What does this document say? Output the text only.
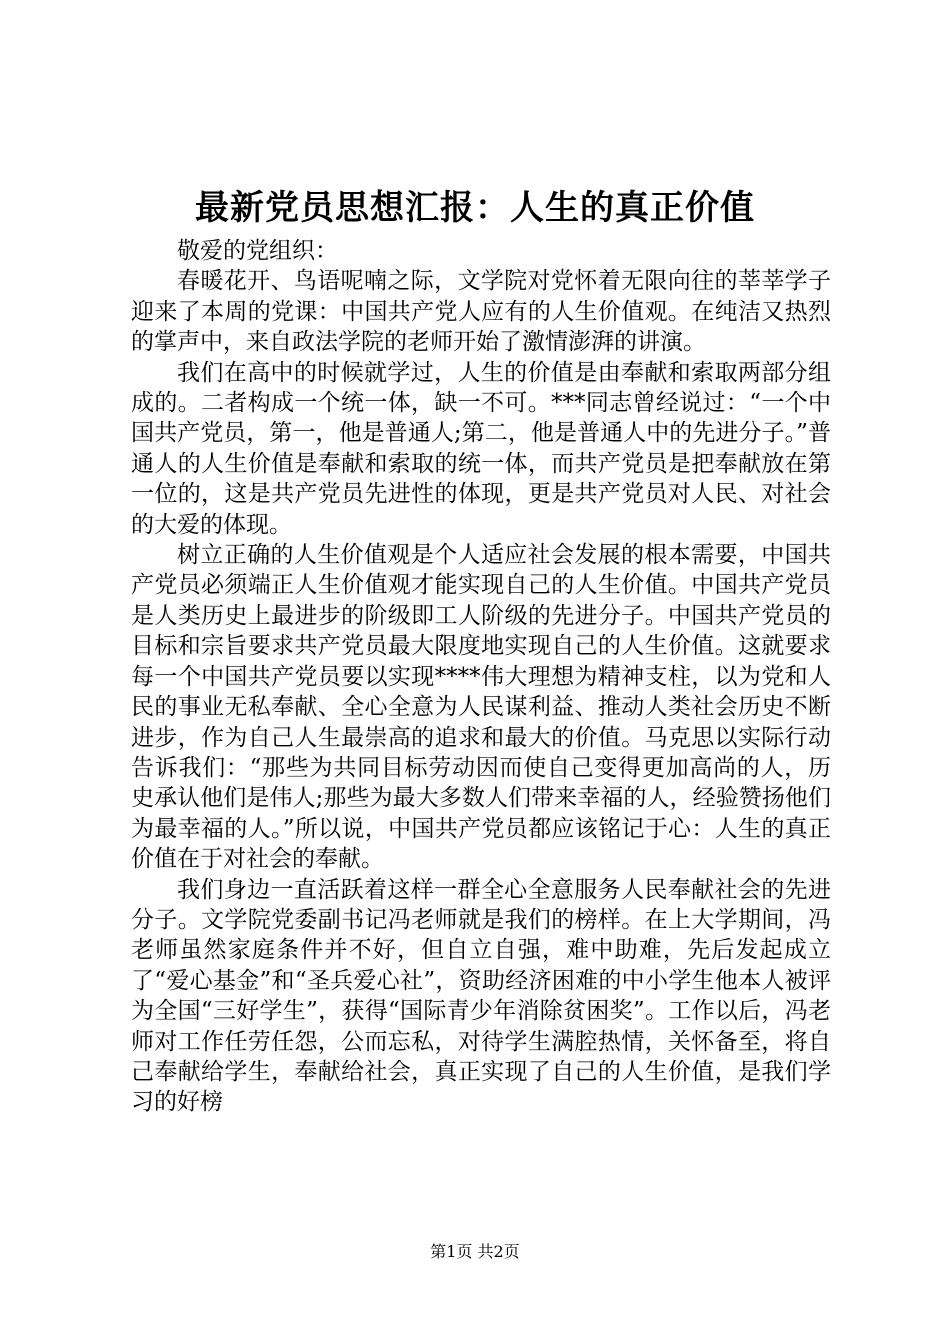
最新党员思想汇报：人生的真正价值

敬爱的党组织：

春暖花开、鸟语呢喃之际，文学院对党怀着无限向往的莘莘学子迎来了本周的党课：中国共产党人应有的人生价值观。在纯洁又热烈的掌声中，来自政法学院的老师开始了激情澎湃的讲演。

我们在高中的时候就学过，人生的价值是由奉献和索取两部分组成的。二者构成一个统一体，缺一不可。***同志曾经说过：“一个中国共产党员，第一，他是普通人;第二，他是普通人中的先进分子。”普通人的人生价值是奉献和索取的统一体，而共产党员是把奉献放在第一位的，这是共产党员先进性的体现，更是共产党员对人民、对社会的大爱的体现。

树立正确的人生价值观是个人适应社会发展的根本需要，中国共产党员必须端正人生价值观才能实现自己的人生价值。中国共产党员是人类历史上最进步的阶级即工人阶级的先进分子。中国共产党员的目标和宗旨要求共产党员最大限度地实现自己的人生价值。这就要求每一个中国共产党员要以实现****伟大理想为精神支柱，以为党和人民的事业无私奉献、全心全意为人民谋利益、推动人类社会历史不断进步，作为自己人生最崇高的追求和最大的价值。马克思以实际行动告诉我们：“那些为共同目标劳动因而使自己变得更加高尚的人，历史承认他们是伟人;那些为最大多数人们带来幸福的人，经验赞扬他们为最幸福的人。”所以说，中国共产党员都应该铭记于心：人生的真正价值在于对社会的奉献。

我们身边一直活跃着这样一群全心全意服务人民奉献社会的先进分子。文学院党委副书记冯老师就是我们的榜样。在上大学期间，冯老师虽然家庭条件并不好，但自立自强，难中助难，先后发起成立了“爱心基金”和“圣兵爱心社”，资助经济困难的中小学生他本人被评为全国“三好学生”，获得“国际青少年消除贫困奖”。工作以后，冯老师对工作任劳任怨，公而忘私，对待学生满腔热情，关怀备至，将自己奉献给学生，奉献给社会，真正实现了自己的人生价值，是我们学习的好榜

第1页 共2页
